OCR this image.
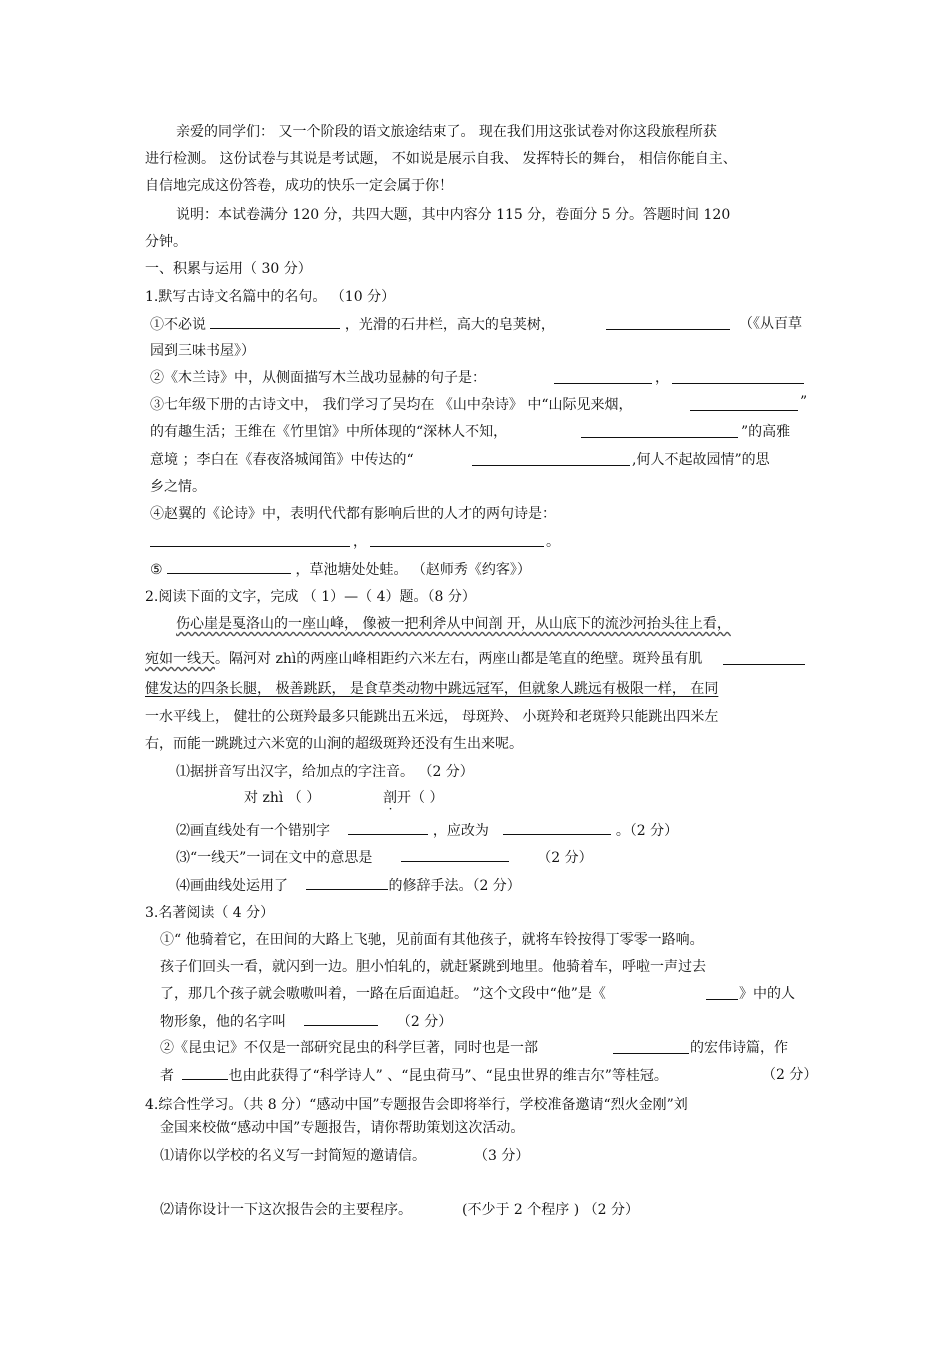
亲爱的同学们： 又一个阶段的语文旅途结束了。 现在我们用这张试卷对你这段旅程所获
进行检测。 这份试卷与其说是考试题， 不如说是展示自我、 发挥特长的舞台， 相信你能自主、
自信地完成这份答卷，成功的快乐一定会属于你！
说明：本试卷满分 120 分，共四大题，其中内容分 115 分，卷面分 5 分。答题时间 120
分钟。
一、积累与运用（ 30 分）
1.默写古诗文名篇中的名句。 （10 分）
①不必说	，光滑的石井栏，高大的皂荚树，	（《从百草
园到三味书屋》）
②《木兰诗》中，从侧面描写木兰战功显赫的句子是：	，
③七年级下册的古诗文中， 我们学习了吴均在 《山中杂诗》 中“山际见来烟，	”
的有趣生活；王维在《竹里馆》中所体现的“深林人不知，	”的高雅
意境 ；李白在《春夜洛城闻笛》中传达的“	,何人不起故园情”的思
乡之情。
④赵翼的《论诗》中，表明代代都有影响后世的人才的两句诗是：
，	。
⑤	，草池塘处处蛙。 （赵师秀《约客》）
2.阅读下面的文字，完成 （ 1）—（ 4）题。（8 分）
伤心崖是戛洛山的一座山峰， 像被一把利斧从中间剖 开，从山底下的流沙河抬头往上看，
宛如一线天。隔河对 zhì的两座山峰相距约六米左右，两座山都是笔直的绝壁。斑羚虽有肌
健发达的四条长腿， 极善跳跃， 是食草类动物中跳远冠军，但就象人跳远有极限一样， 在同
一水平线上， 健壮的公斑羚最多只能跳出五米远， 母斑羚、 小斑羚和老斑羚只能跳出四米左
右，而能一跳跳过六米宽的山涧的超级斑羚还没有生出来呢。
⑴据拼音写出汉字，给加点的字注音。 （2 分）
对 zhì （ ）	剖开（ ）
⑵画直线处有一个错别字	，应改为	。（2 分）
⑶“一线天”一词在文中的意思是	（2 分）
⑷画曲线处运用了	的修辞手法。（2 分）
3.名著阅读（ 4 分）
①“ 他骑着它，在田间的大路上飞驰，见前面有其他孩子，就将车铃按得丁零零一路响。
孩子们回头一看，就闪到一边。胆小怕轧的，就赶紧跳到地里。他骑着车，呼啦一声过去
了，那几个孩子就会嗷嗷叫着，一路在后面追赶。 ”这个文段中“他”是《	》中的人
物形象，他的名字叫	（2 分）
②《昆虫记》不仅是一部研究昆虫的科学巨著，同时也是一部	的宏伟诗篇，作
者	也由此获得了“科学诗人” 、“昆虫荷马”、“昆虫世界的维吉尔”等桂冠。	（2 分）
4.综合性学习。（共 8 分）“感动中国”专题报告会即将举行，学校准备邀请“烈火金刚”刘
金国来校做“感动中国”专题报告，请你帮助策划这次活动。
⑴请你以学校的名义写一封简短的邀请信。	（3 分）
⑵请你设计一下这次报告会的主要程序。	(不少于 2 个程序 ) （2 分）
